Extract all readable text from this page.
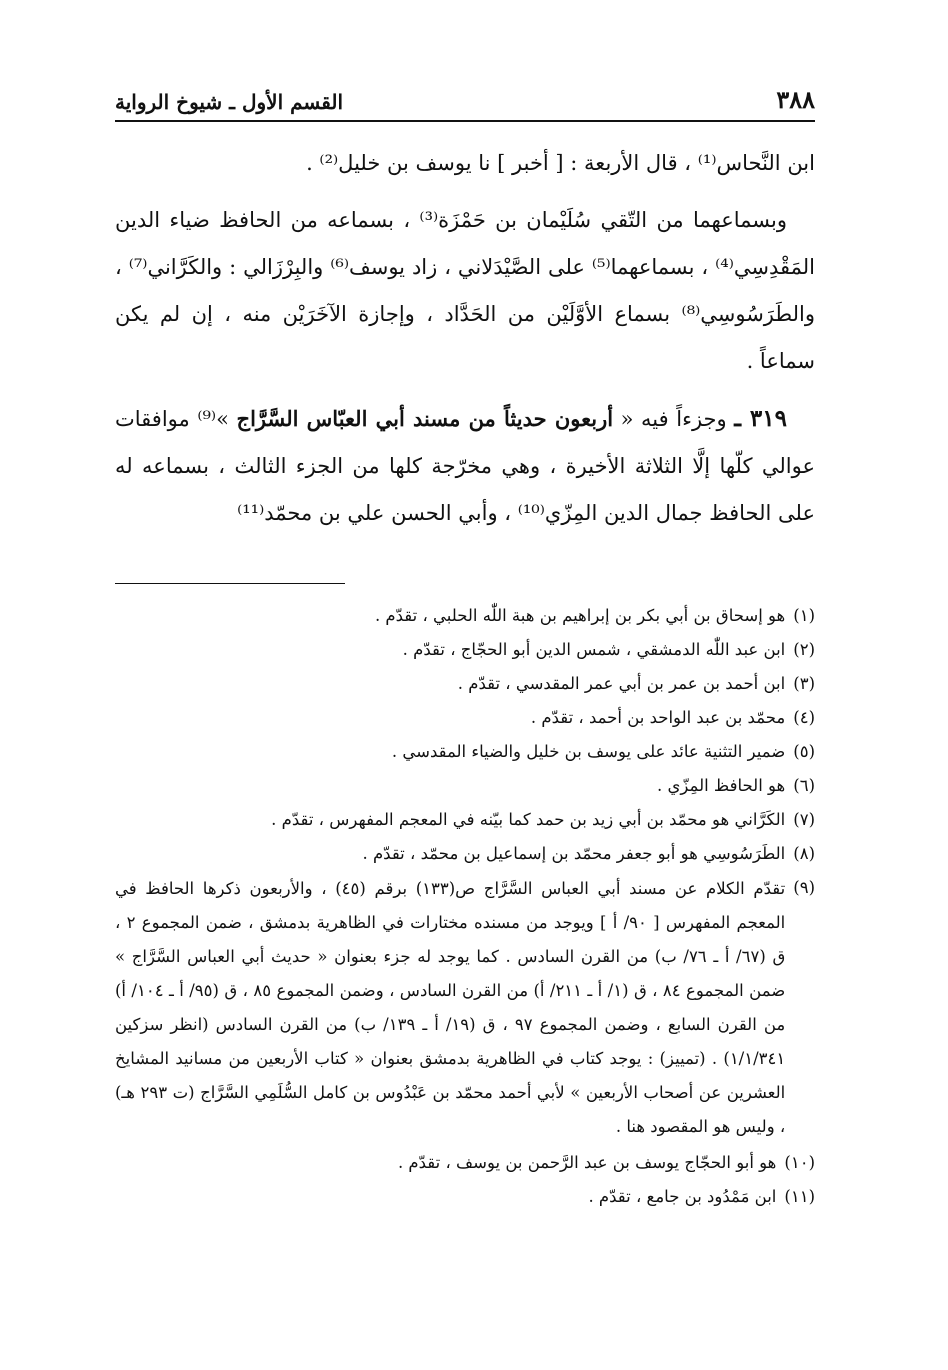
٣٨٨
القسم الأول ـ شيوخ الرواية

ابن النَّحاس⁽¹⁾ ، قال الأربعة : [ أخبر ] نا يوسف بن خليل⁽²⁾ .

وبسماعهما من التّقي سُلَيْمان بن حَمْزَة⁽³⁾ ، بسماعه من الحافظ ضياء الدين المَقْدِسِي⁽⁴⁾ ، بسماعهما⁽⁵⁾ على الصَّيْدَلاني ، زاد يوسف⁽⁶⁾ والبِرْزَالي : والكَرَّاني⁽⁷⁾ ، والطَرَسُوسِي⁽⁸⁾ بسماع الأوَّلَيْن من الحَدَّاد ، وإجازة الآخَرَيْن منه ، إن لم يكن سماعاً .

٣١٩ ـ وجزءاً فيه « أربعون حديثاً من مسند أبي العبّاس السَّرَّاج »⁽⁹⁾ موافقات عوالي كلّها إلَّا الثلاثة الأخيرة ، وهي مخرّجة كلها من الجزء الثالث ، بسماعه له على الحافظ جمال الدين المِزّي⁽¹⁰⁾ ، وأبي الحسن علي بن محمّد⁽¹¹⁾

(١)
هو إسحاق بن أبي بكر بن إبراهيم بن هبة اللّٰه الحلبي ، تقدّم .
(٢)
ابن عبد اللّٰه الدمشقي ، شمس الدين أبو الحجّاج ، تقدّم .
(٣)
ابن أحمد بن عمر بن أبي عمر المقدسي ، تقدّم .
(٤)
محمّد بن عبد الواحد بن أحمد ، تقدّم .
(٥)
ضمير التثنية عائد على يوسف بن خليل والضياء المقدسي .
(٦)
هو الحافظ المِزّي .
(٧)
الكَرَّاني هو محمّد بن أبي زيد بن حمد كما بيّنه في المعجم المفهرس ، تقدّم .
(٨)
الطَرَسُوسِي هو أبو جعفر محمّد بن إسماعيل بن محمّد ، تقدّم .
(٩)
تقدّم الكلام عن مسند أبي العباس السَّرَّاج ص(١٣٣) برقم (٤٥) ، والأربعون ذكرها الحافظ في المعجم المفهرس [ ٩٠/ أ ] ويوجد من مسنده مختارات في الظاهرية بدمشق ، ضمن المجموع ٢ ، ق (٦٧/ أ ـ ٧٦/ ب) من القرن السادس . كما يوجد له جزء بعنوان « حديث أبي العباس السَّرَّاج » ضمن المجموع ٨٤ ، ق (١/ أ ـ ٢١١/ أ) من القرن السادس ، وضمن المجموع ٨٥ ، ق (٩٥/ أ ـ ١٠٤/ أ) من القرن السابع ، وضمن المجموع ٩٧ ، ق (١٩/ أ ـ ١٣٩/ ب) من القرن السادس (انظر سزكين ١/١/٣٤١) . (تمييز) : يوجد كتاب في الظاهرية بدمشق بعنوان « كتاب الأربعين من مسانيد المشايخ العشرين عن أصحاب الأربعين » لأبي أحمد محمّد بن عَبْدُوس بن كامل السُّلَمِي السَّرَّاج (ت ٢٩٣ هـ) ، وليس هو المقصود هنا .
(١٠)
هو أبو الحجّاج يوسف بن عبد الرَّحمن بن يوسف ، تقدّم .
(١١)
ابن مَمْدُود بن جامع ، تقدّم .
